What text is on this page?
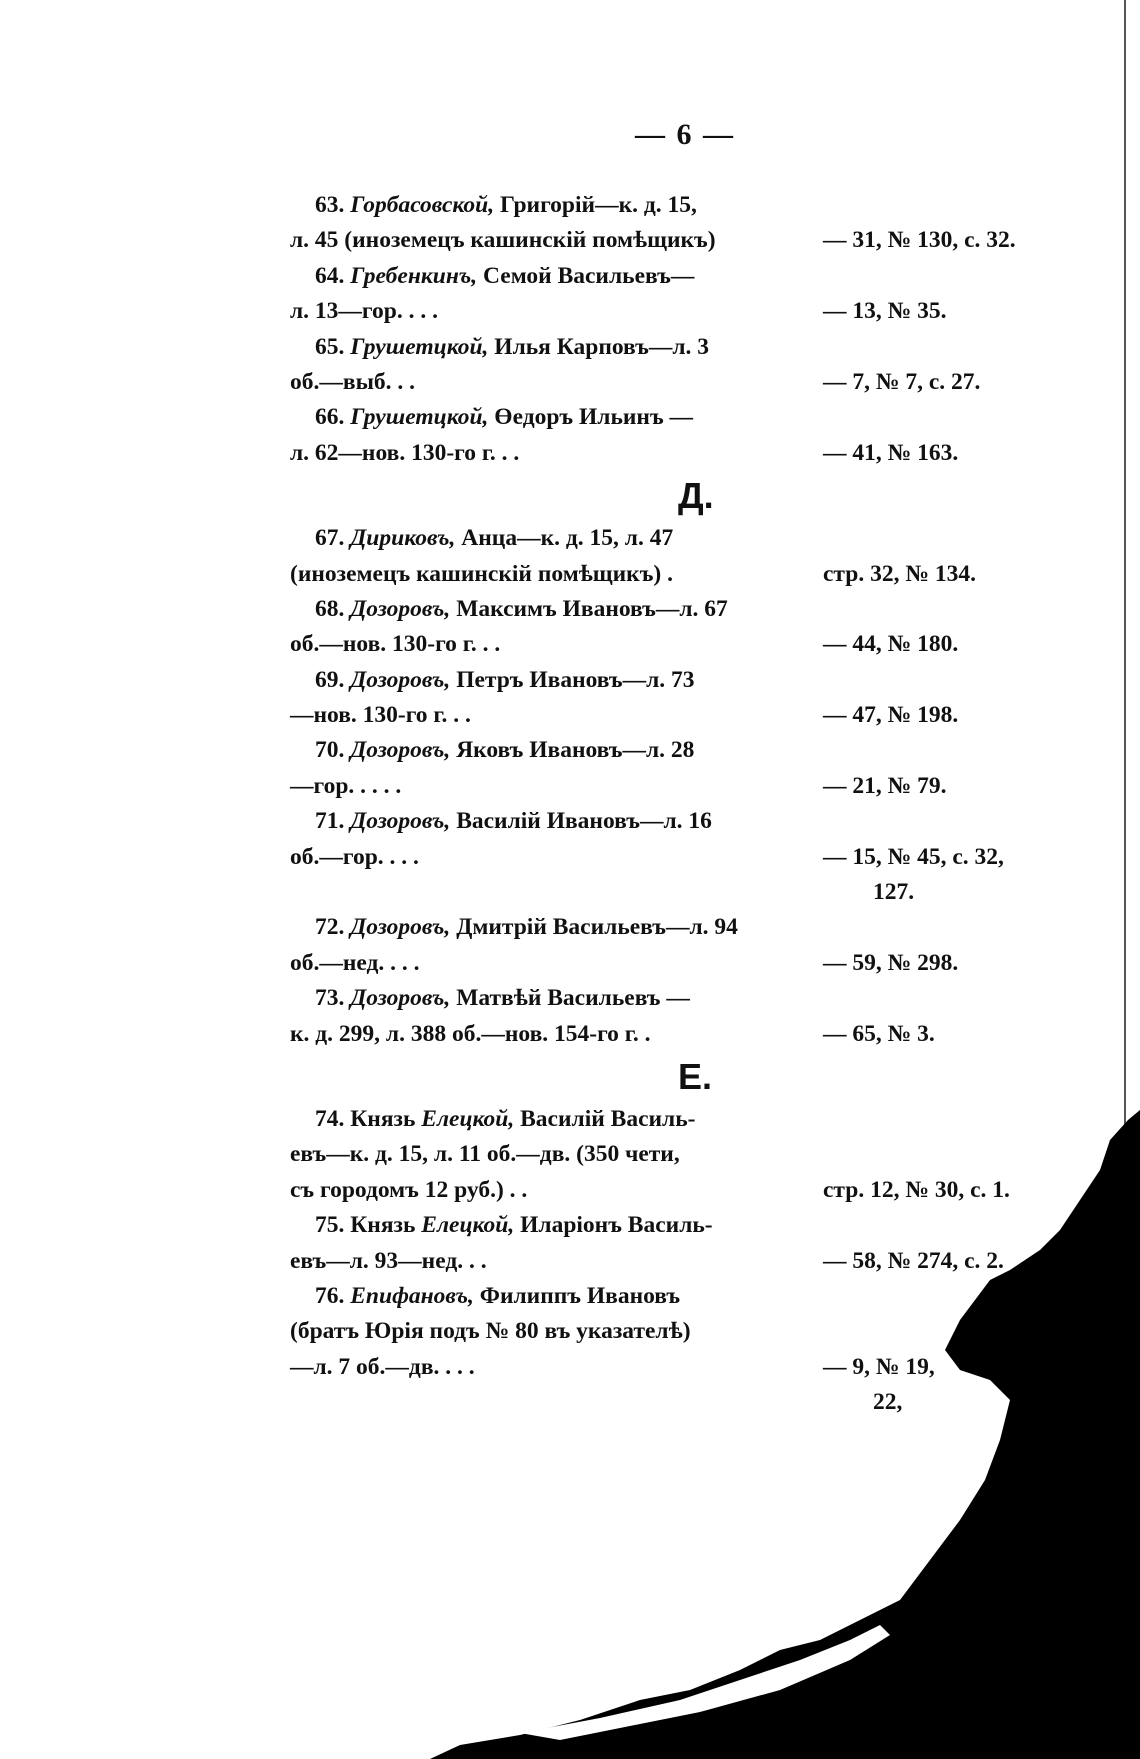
— 6 —
63. Горбасовской, Григорій—к. д. 15,
л. 45 (иноземецъ кашинскій помѣщикъ)	— 31, № 130, с. 32.
64. Гребенкинъ, Семой Васильевъ—
л. 13—гор. . . .	— 13, № 35.
65. Грушетцкой, Илья Карповъ—л. 3
об.—выб. . .	— 7, № 7, с. 27.
66. Грушетцкой, Өедоръ Ильинъ —
л. 62—нов. 130-го г. . .	— 41, № 163.
Д.
67. Дириковъ, Анца—к. д. 15, л. 47
(иноземецъ кашинскій помѣщикъ) .	стр. 32, № 134.
68. Дозоровъ, Максимъ Ивановъ—л. 67
об.—нов. 130-го г. . .	— 44, № 180.
69. Дозоровъ, Петръ Ивановъ—л. 73
—нов. 130-го г. . .	— 47, № 198.
70. Дозоровъ, Яковъ Ивановъ—л. 28
—гор. . . . .	— 21, № 79.
71. Дозоровъ, Василій Ивановъ—л. 16
об.—гор. . . .	— 15, № 45, с. 32,
127.
72. Дозоровъ, Дмитрій Васильевъ—л. 94
об.—нед. . . .	— 59, № 298.
73. Дозоровъ, Матвѣй Васильевъ —
к. д. 299, л. 388 об.—нов. 154-го г. .	— 65, № 3.
Е.
74. Князь Елецкой, Василій Василь-
евъ—к. д. 15, л. 11 об.—дв. (350 чети,
съ городомъ 12 руб.) . .	стр. 12, № 30, с. 1.
75. Князь Елецкой, Иларіонъ Василь-
евъ—л. 93—нед. . .	— 58, № 274, с. 2.
76. Епифановъ, Филиппъ Ивановъ
(братъ Юрія подъ № 80 въ указателѣ)
—л. 7 об.—дв. . . .	— 9, № 19,
22,
